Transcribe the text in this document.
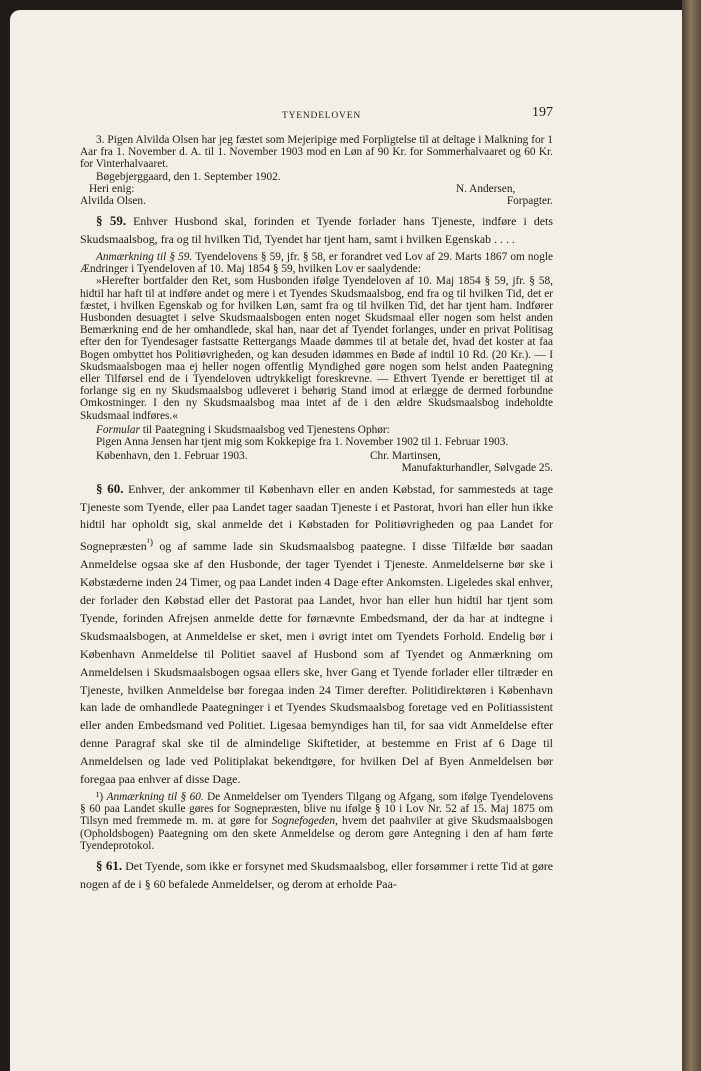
TYENDELOVEN	197

3. Pigen Alvilda Olsen har jeg fæstet som Mejeripige med Forpligtelse til at deltage i Malkning for 1 Aar fra 1. November d. A. til 1. November 1903 mod en Løn af 90 Kr. for Sommerhalvaaret og 60 Kr. for Vinterhalvaaret.

Bøgebjerggaard, den 1. September 1902.

Heri enig:	N. Andersen,
Alvilda Olsen.	Forpagter.

§ 59. Enhver Husbond skal, forinden et Tyende forlader hans Tjeneste, indføre i dets Skudsmaalsbog, fra og til hvilken Tid, Tyendet har tjent ham, samt i hvilken Egenskab . . . .

Anmærkning til § 59. Tyendelovens § 59, jfr. § 58, er forandret ved Lov af 29. Marts 1867 om nogle Ændringer i Tyendeloven af 10. Maj 1854 § 59, hvilken Lov er saalydende:

»Herefter bortfalder den Ret, som Husbonden ifølge Tyendeloven af 10. Maj 1854 § 59, jfr. § 58, hidtil har haft til at indføre andet og mere i et Tyendes Skudsmaalsbog, end fra og til hvilken Tid, det er fæstet, i hvilken Egenskab og for hvilken Løn, samt fra og til hvilken Tid, det har tjent ham. Indfører Husbonden desuagtet i selve Skudsmaalsbogen enten noget Skudsmaal eller nogen som helst anden Bemærkning end de her omhandlede, skal han, naar det af Tyendet forlanges, under en privat Politisag efter den for Tyendesager fastsatte Rettergangs Maade dømmes til at betale det, hvad det koster at faa Bogen ombyttet hos Politiøvrigheden, og kan desuden idømmes en Bøde af indtil 10 Rd. (20 Kr.). — I Skudsmaalsbogen maa ej heller nogen offentlig Myndighed gøre nogen som helst anden Paategning eller Tilførsel end de i Tyendeloven udtrykkeligt foreskrevne. — Ethvert Tyende er berettiget til at forlange sig en ny Skudsmaalsbog udleveret i behørig Stand imod at erlægge de dermed forbundne Omkostninger. I den ny Skudsmaalsbog maa intet af de i den ældre Skudsmaalsbog indeholdte Skudsmaal indføres.«

Formular til Paategning i Skudsmaalsbog ved Tjenestens Ophør:

Pigen Anna Jensen har tjent mig som Kokkepige fra 1. November 1902 til 1. Februar 1903.

København, den 1. Februar 1903.	Chr. Martinsen,
Manufakturhandler, Sølvgade 25.

§ 60. Enhver, der ankommer til København eller en anden Købstad, for sammesteds at tage Tjeneste som Tyende, eller paa Landet tager saadan Tjeneste i et Pastorat, hvori han eller hun ikke hidtil har opholdt sig, skal anmelde det i Købstaden for Politiøvrigheden og paa Landet for Sognepræsten$^{^1)}$ og af samme lade sin Skudsmaalsbog paategne. I disse Tilfælde bør saadan Anmeldelse ogsaa ske af den Husbonde, der tager Tyendet i Tjeneste. Anmeldelserne bør ske i Købstæderne inden 24 Timer, og paa Landet inden 4 Dage efter Ankomsten. Ligeledes skal enhver, der forlader den Købstad eller det Pastorat paa Landet, hvor han eller hun hidtil har tjent som Tyende, forinden Afrejsen anmelde dette for førnævnte Embedsmand, der da har at indtegne i Skudsmaalsbogen, at Anmeldelse er sket, men i øvrigt intet om Tyendets Forhold. Endelig bør i København Anmeldelse til Politiet saavel af Husbond som af Tyendet og Anmærkning om Anmeldelsen i Skudsmaalsbogen ogsaa ellers ske, hver Gang et Tyende forlader eller tiltræder en Tjeneste, hvilken Anmeldelse bør foregaa inden 24 Timer derefter. Politidirektøren i København kan lade de omhandlede Paategninger i et Tyendes Skudsmaalsbog foretage ved en Politiassistent eller anden Embedsmand ved Politiet. Ligesaa bemyndiges han til, for saa vidt Anmeldelse efter denne Paragraf skal ske til de almindelige Skiftetider, at bestemme en Frist af 6 Dage til Anmeldelsen og lade ved Politiplakat bekendtgøre, for hvilken Del af Byen Anmeldelsen bør foregaa paa enhver af disse Dage.

¹) Anmærkning til § 60. De Anmeldelser om Tyenders Tilgang og Afgang, som ifølge Tyendelovens § 60 paa Landet skulle gøres for Sognepræsten, blive nu ifølge § 10 i Lov Nr. 52 af 15. Maj 1875 om Tilsyn med fremmede m. m. at gøre for Sognefogeden, hvem det paahviler at give Skudsmaalsbogen (Opholdsbogen) Paategning om den skete Anmeldelse og derom gøre Antegning i den af ham førte Tyendeprotokol.

§ 61. Det Tyende, som ikke er forsynet med Skudsmaalsbog, eller forsømmer i rette Tid at gøre nogen af de i § 60 befalede Anmeldelser, og derom at erholde Paa-
